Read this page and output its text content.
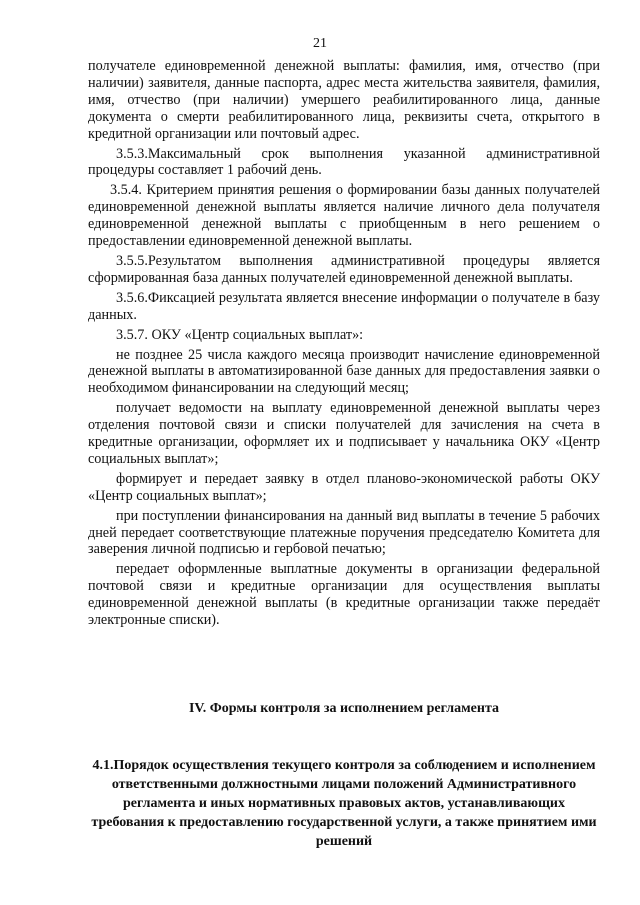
21

получателе единовременной денежной выплаты: фамилия, имя, отчество (при наличии) заявителя, данные паспорта, адрес места жительства заявителя, фамилия, имя, отчество (при наличии) умершего реабилитированного лица, данные документа о смерти реабилитированного лица, реквизиты счета, открытого в кредитной организации или почтовый адрес.

3.5.3.Максимальный срок выполнения указанной административной процедуры составляет 1 рабочий день.

3.5.4. Критерием принятия решения о формировании базы данных получателей единовременной денежной выплаты является наличие личного дела получателя единовременной денежной выплаты с приобщенным в него решением о предоставлении единовременной денежной выплаты.

3.5.5.Результатом выполнения административной процедуры является сформированная база данных получателей единовременной денежной выплаты.

3.5.6.Фиксацией результата является внесение информации о получателе в базу данных.

3.5.7. ОКУ «Центр социальных выплат»:

не позднее 25 числа каждого месяца производит начисление единовременной денежной выплаты в автоматизированной базе данных для предоставления заявки о необходимом финансировании на следующий месяц;

получает ведомости на выплату единовременной денежной выплаты через отделения почтовой связи и списки получателей для зачисления на счета в кредитные организации, оформляет их и подписывает у начальника ОКУ «Центр социальных выплат»;

формирует и передает заявку в отдел планово-экономической работы ОКУ «Центр социальных выплат»;

при поступлении финансирования на данный вид выплаты в течение 5 рабочих дней передает соответствующие платежные поручения председателю Комитета для заверения личной подписью и гербовой печатью;

передает оформленные выплатные документы в организации федеральной почтовой связи и кредитные организации для осуществления выплаты единовременной денежной выплаты (в кредитные организации также передаёт электронные списки).

IV. Формы контроля за исполнением регламента
4.1.Порядок осуществления текущего контроля за соблюдением и исполнением ответственными должностными лицами положений Административного регламента и иных нормативных правовых актов, устанавливающих требования к предоставлению государственной услуги, а также принятием ими решений
